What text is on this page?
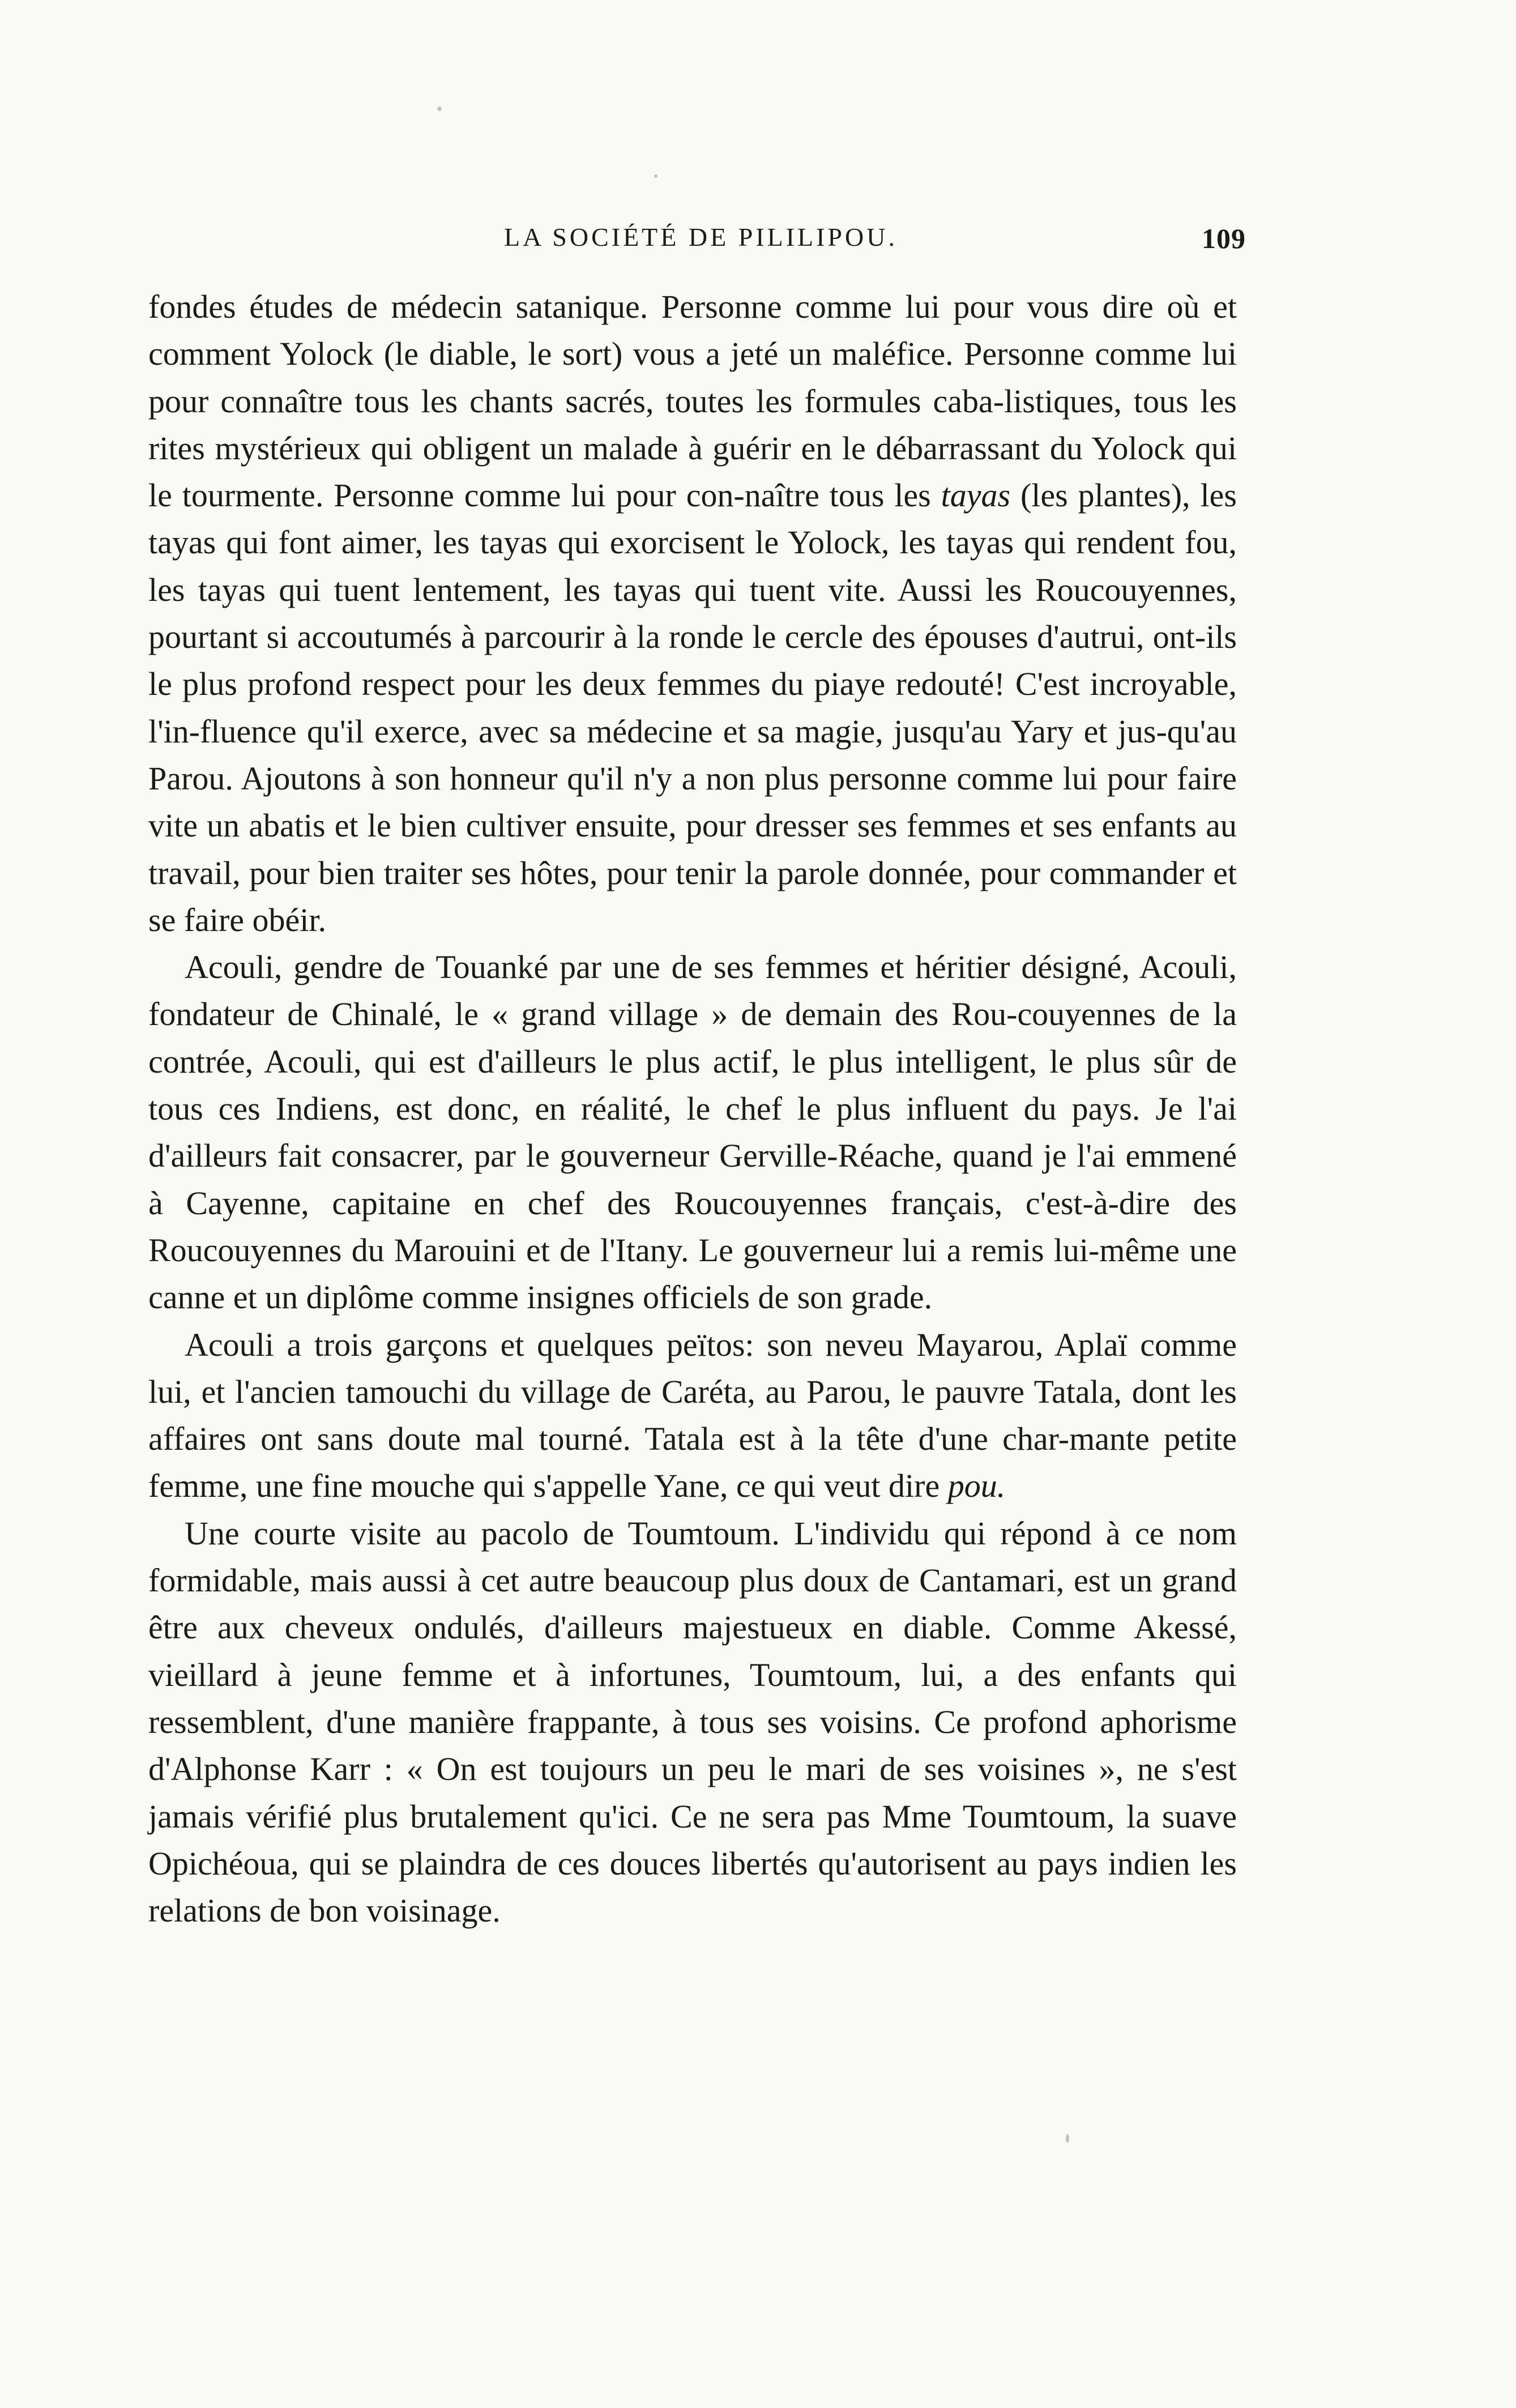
LA SOCIÉTÉ DE PILILIPOU.	109

fondes études de médecin satanique. Personne comme lui pour vous dire où et comment Yolock (le diable, le sort) vous a jeté un maléfice. Personne comme lui pour connaître tous les chants sacrés, toutes les formules caba-listiques, tous les rites mystérieux qui obligent un malade à guérir en le débarrassant du Yolock qui le tourmente. Personne comme lui pour con-naître tous les tayas (les plantes), les tayas qui font aimer, les tayas qui exorcisent le Yolock, les tayas qui rendent fou, les tayas qui tuent lentement, les tayas qui tuent vite. Aussi les Roucouyennes, pourtant si accoutumés à parcourir à la ronde le cercle des épouses d'autrui, ont-ils le plus profond respect pour les deux femmes du piaye redouté! C'est incroyable, l'in-fluence qu'il exerce, avec sa médecine et sa magie, jusqu'au Yary et jus-qu'au Parou. Ajoutons à son honneur qu'il n'y a non plus personne comme lui pour faire vite un abatis et le bien cultiver ensuite, pour dresser ses femmes et ses enfants au travail, pour bien traiter ses hôtes, pour tenir la parole donnée, pour commander et se faire obéir.

Acouli, gendre de Touanké par une de ses femmes et héritier désigné, Acouli, fondateur de Chinalé, le « grand village » de demain des Rou-couyennes de la contrée, Acouli, qui est d'ailleurs le plus actif, le plus intelligent, le plus sûr de tous ces Indiens, est donc, en réalité, le chef le plus influent du pays. Je l'ai d'ailleurs fait consacrer, par le gouverneur Gerville-Réache, quand je l'ai emmené à Cayenne, capitaine en chef des Roucouyennes français, c'est-à-dire des Roucouyennes du Marouini et de l'Itany. Le gouverneur lui a remis lui-même une canne et un diplôme comme insignes officiels de son grade.

Acouli a trois garçons et quelques peïtos: son neveu Mayarou, Aplaï comme lui, et l'ancien tamouchi du village de Caréta, au Parou, le pauvre Tatala, dont les affaires ont sans doute mal tourné. Tatala est à la tête d'une char-mante petite femme, une fine mouche qui s'appelle Yane, ce qui veut dire pou.

Une courte visite au pacolo de Toumtoum. L'individu qui répond à ce nom formidable, mais aussi à cet autre beaucoup plus doux de Cantamari, est un grand être aux cheveux ondulés, d'ailleurs majestueux en diable. Comme Akessé, vieillard à jeune femme et à infortunes, Toumtoum, lui, a des enfants qui ressemblent, d'une manière frappante, à tous ses voisins. Ce profond aphorisme d'Alphonse Karr : « On est toujours un peu le mari de ses voisines », ne s'est jamais vérifié plus brutalement qu'ici. Ce ne sera pas Mme Toumtoum, la suave Opichéoua, qui se plaindra de ces douces libertés qu'autorisent au pays indien les relations de bon voisinage.
